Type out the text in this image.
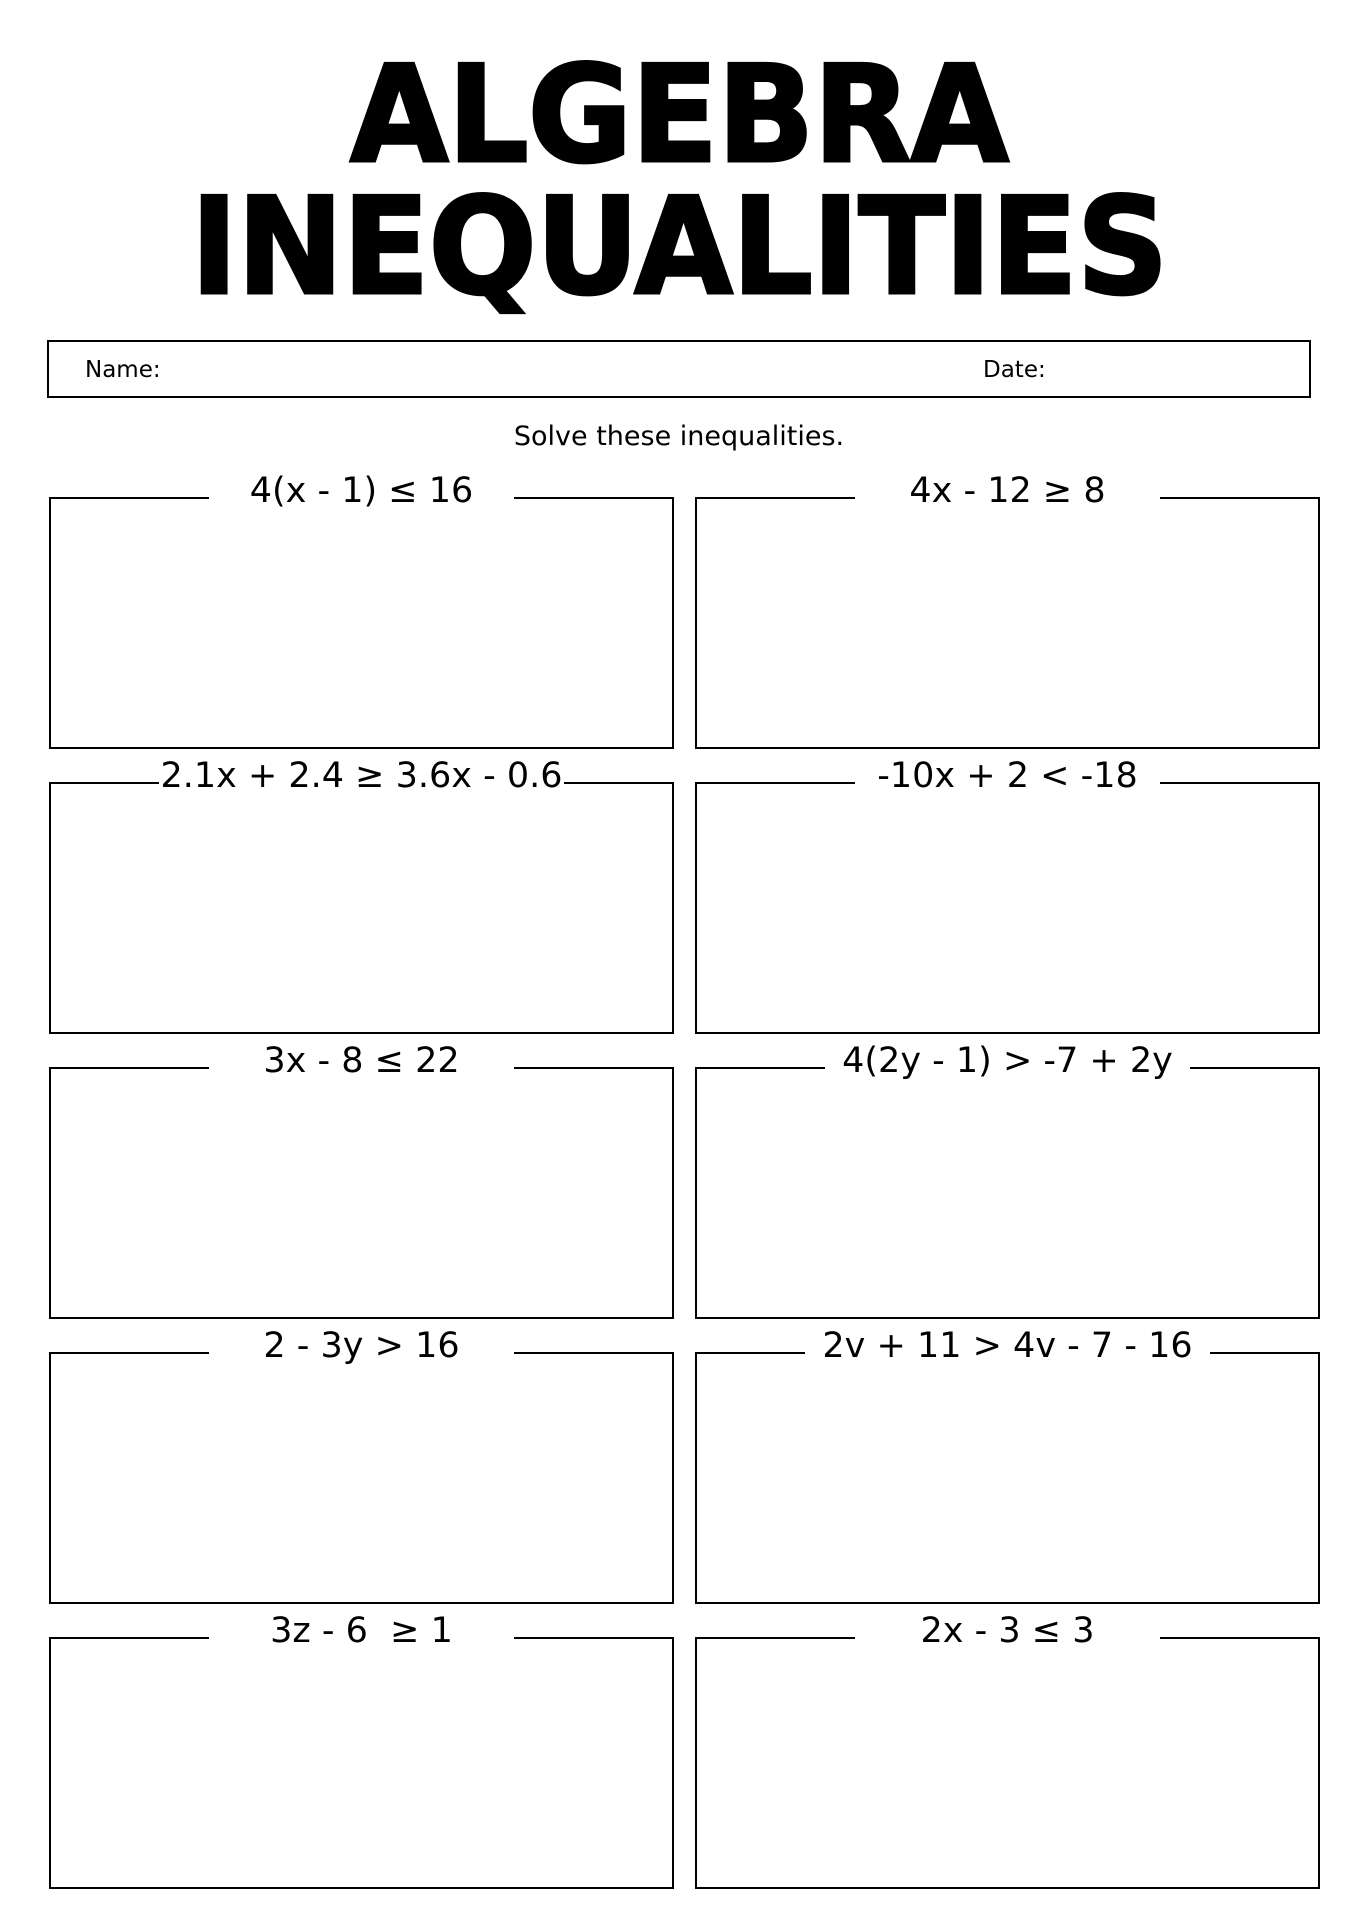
ALGEBRA
INEQUALITIES
Name:	Date:
Solve these inequalities.
4(x - 1) ≤ 16	4x - 12 ≥ 8
2.1x + 2.4 ≥ 3.6x - 0.6	-10x + 2 < -18
3x - 8 ≤ 22	4(2y - 1) > -7 + 2y
2 - 3y > 16	2v + 11 > 4v - 7 - 16
3z - 6  ≥ 1	2x - 3 ≤ 3
